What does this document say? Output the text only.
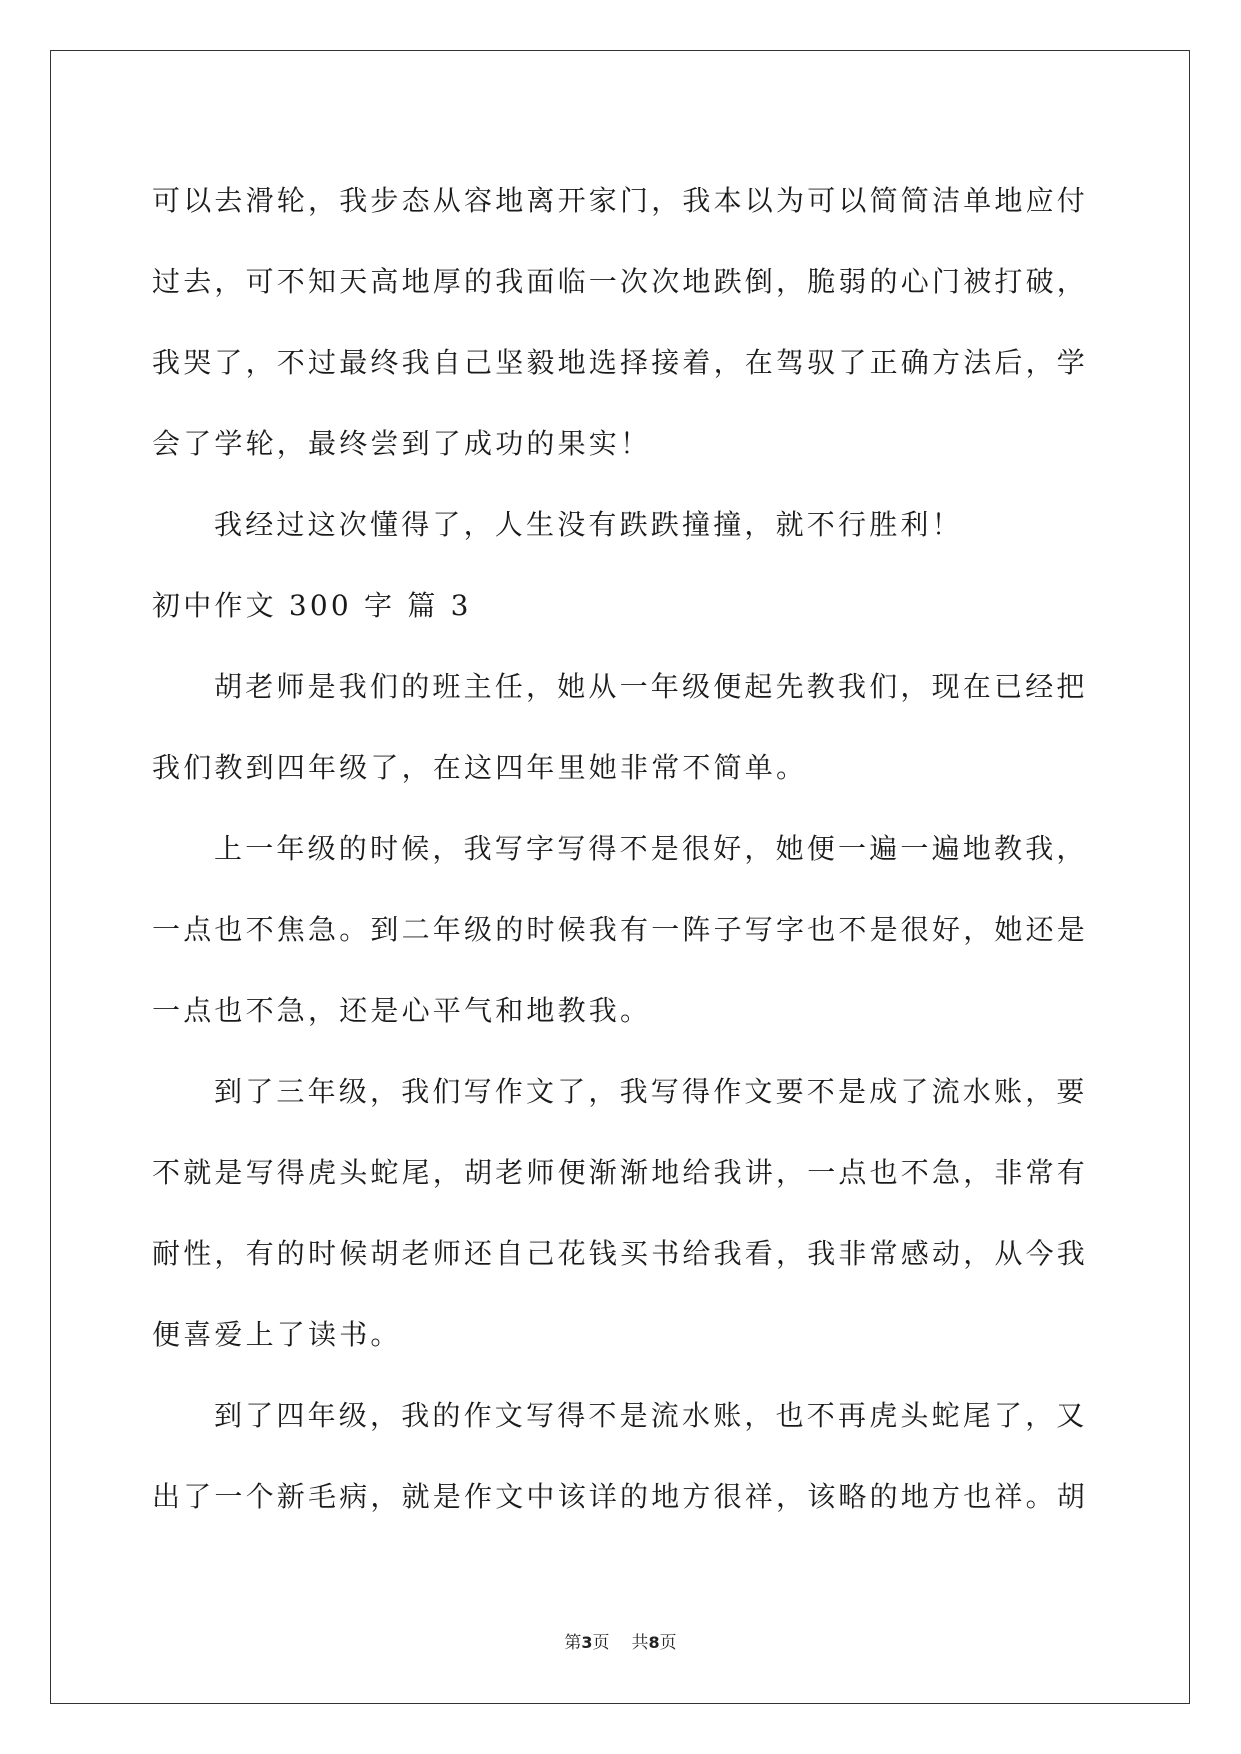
可以去滑轮，我步态从容地离开家门，我本以为可以简简洁单地应付
过去，可不知天高地厚的我面临一次次地跌倒，脆弱的心门被打破，
我哭了，不过最终我自己坚毅地选择接着，在驾驭了正确方法后，学
会了学轮，最终尝到了成功的果实！
我经过这次懂得了，人生没有跌跌撞撞，就不行胜利！
初中作文 300 字 篇 3
胡老师是我们的班主任，她从一年级便起先教我们，现在已经把
我们教到四年级了，在这四年里她非常不简单。
上一年级的时候，我写字写得不是很好，她便一遍一遍地教我，
一点也不焦急。到二年级的时候我有一阵子写字也不是很好，她还是
一点也不急，还是心平气和地教我。
到了三年级，我们写作文了，我写得作文要不是成了流水账，要
不就是写得虎头蛇尾，胡老师便渐渐地给我讲，一点也不急，非常有
耐性，有的时候胡老师还自己花钱买书给我看，我非常感动，从今我
便喜爱上了读书。
到了四年级，我的作文写得不是流水账，也不再虎头蛇尾了，又
出了一个新毛病，就是作文中该详的地方很祥，该略的地方也祥。胡
第3页 共8页
